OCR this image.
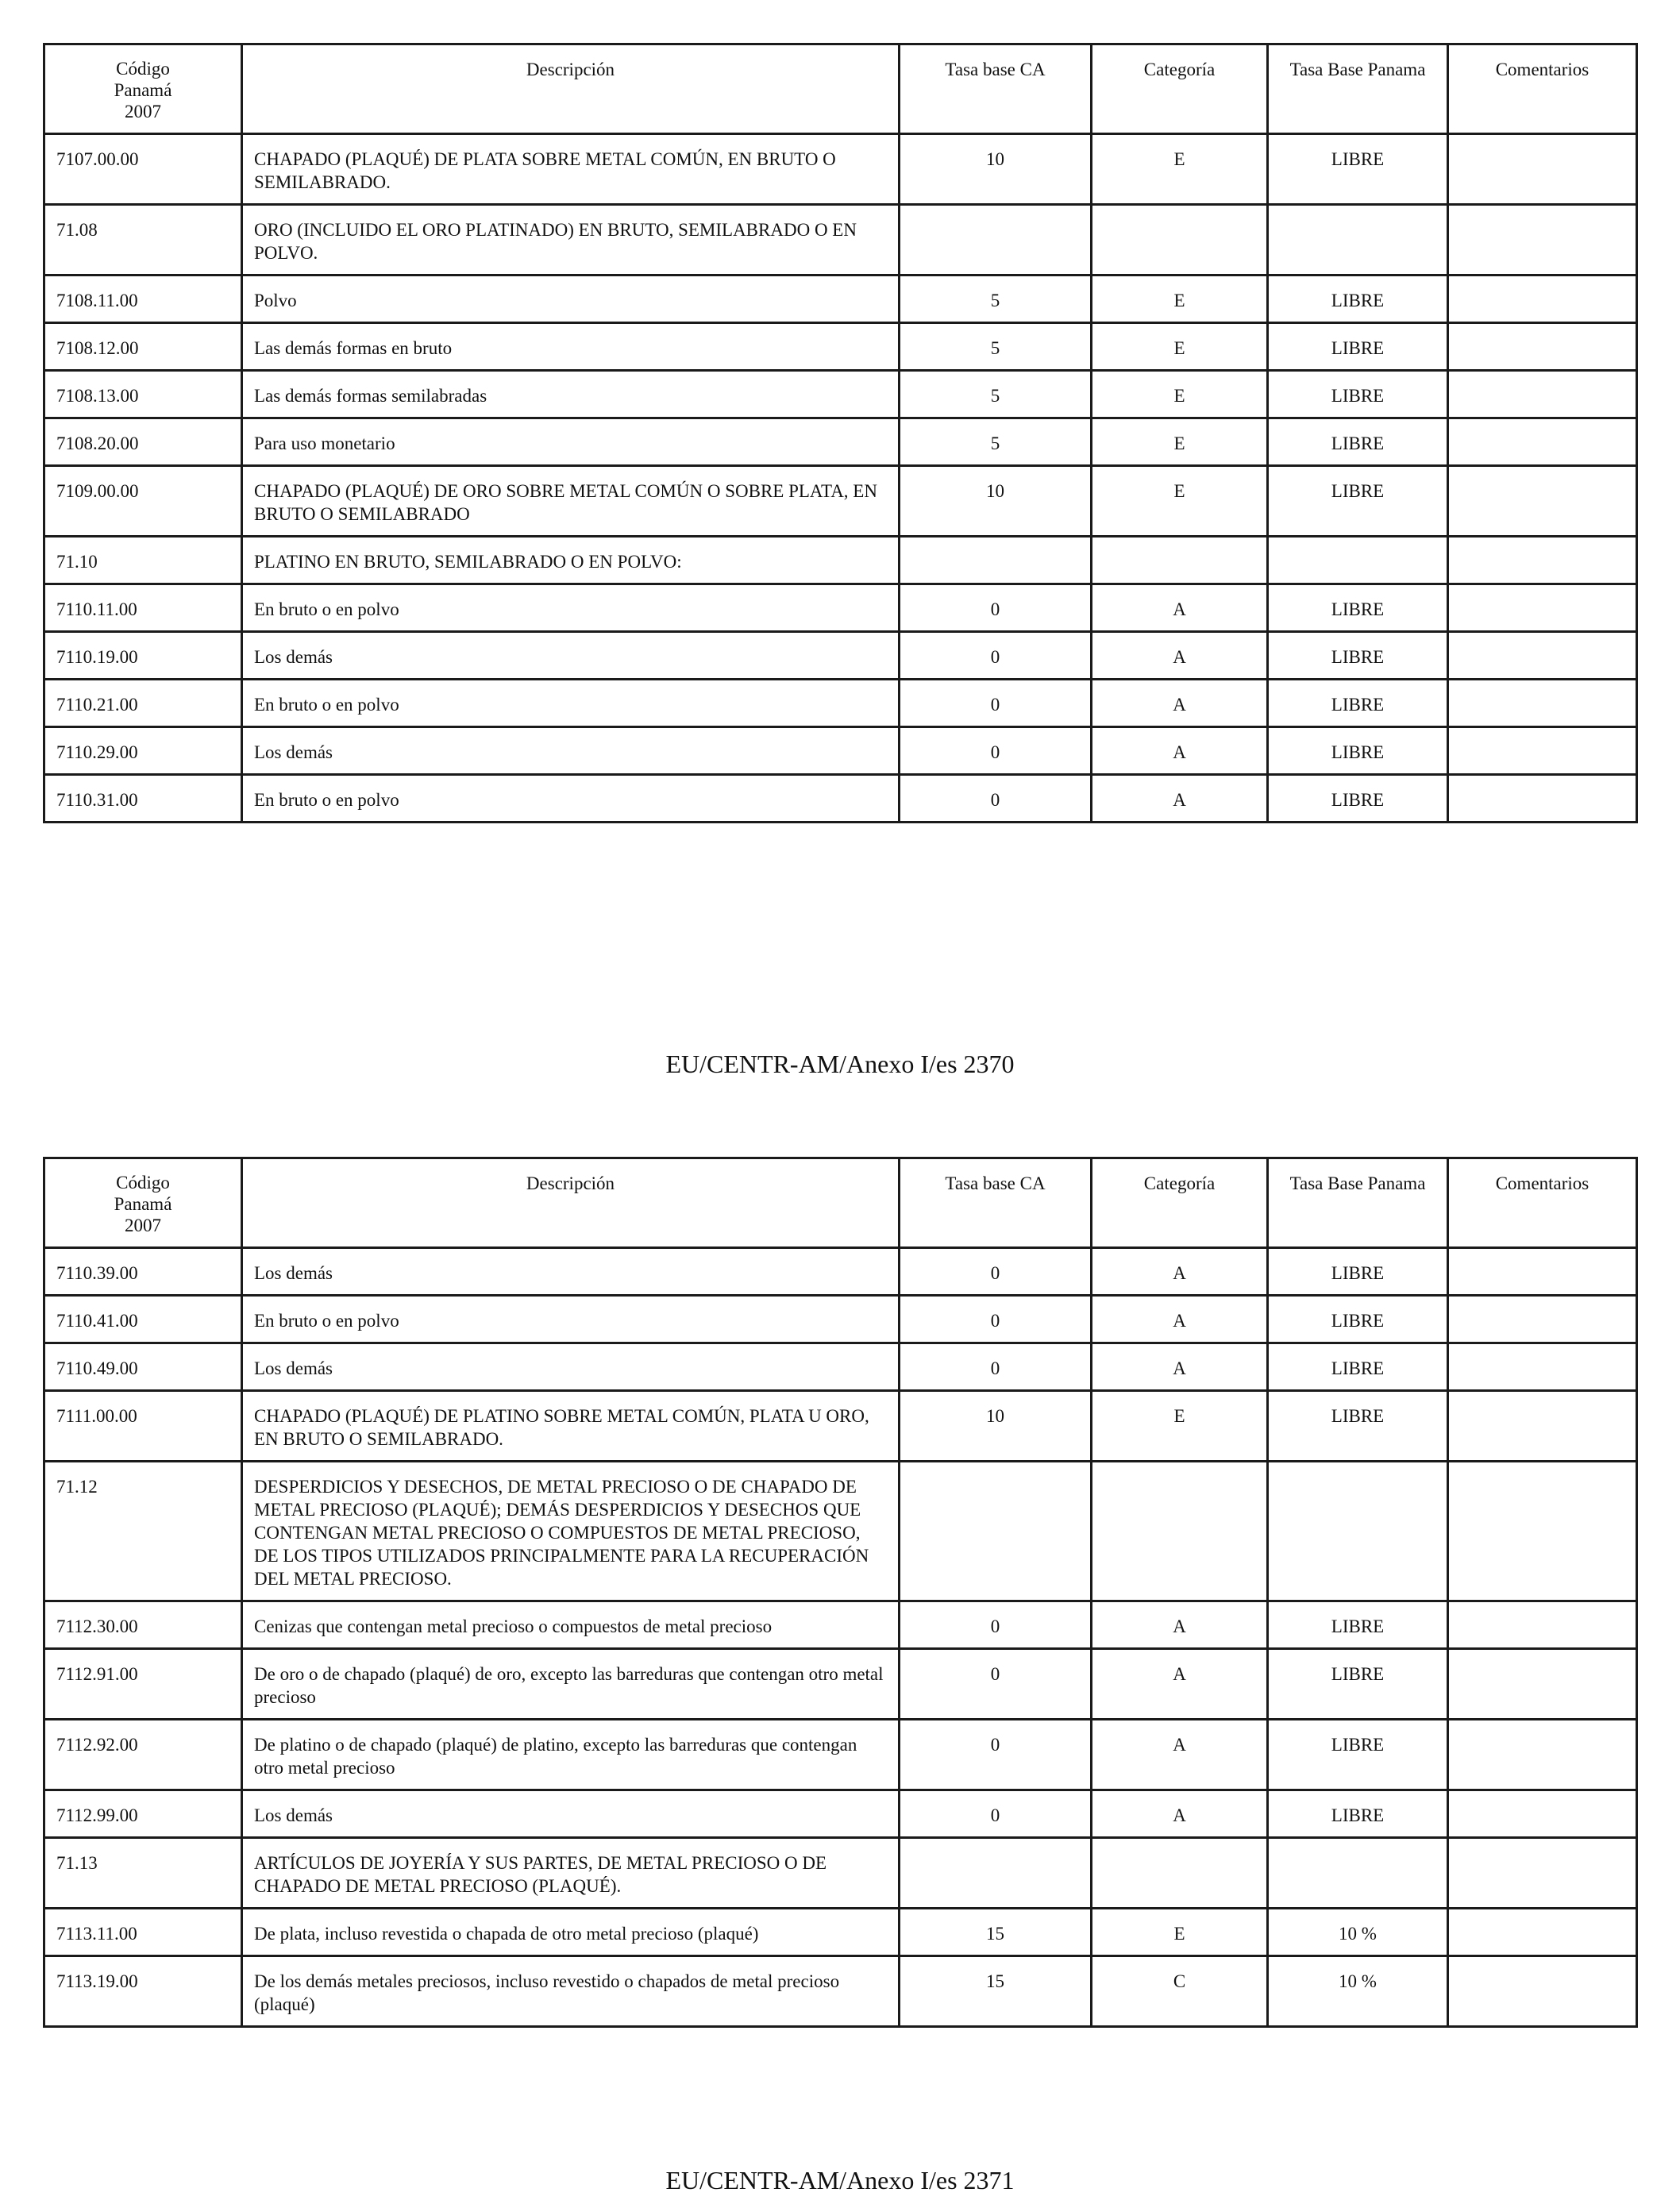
Código
Panamá
2007	Descripción	Tasa base CA	Categoría	Tasa Base Panama	Comentarios
7107.00.00	CHAPADO (PLAQUÉ) DE PLATA SOBRE METAL COMÚN, EN BRUTO O SEMILABRADO.	10	E	LIBRE	
71.08	ORO (INCLUIDO EL ORO PLATINADO) EN BRUTO, SEMILABRADO O EN POLVO.				
7108.11.00	Polvo	5	E	LIBRE	
7108.12.00	Las demás formas en bruto	5	E	LIBRE	
7108.13.00	Las demás formas semilabradas	5	E	LIBRE	
7108.20.00	Para uso monetario	5	E	LIBRE	
7109.00.00	CHAPADO (PLAQUÉ) DE ORO SOBRE METAL COMÚN O SOBRE PLATA, EN BRUTO O SEMILABRADO	10	E	LIBRE	
71.10	PLATINO EN BRUTO, SEMILABRADO O EN POLVO:				
7110.11.00	En bruto o en polvo	0	A	LIBRE	
7110.19.00	Los demás	0	A	LIBRE	
7110.21.00	En bruto o en polvo	0	A	LIBRE	
7110.29.00	Los demás	0	A	LIBRE	
7110.31.00	En bruto o en polvo	0	A	LIBRE	
EU/CENTR-AM/Anexo I/es 2370
Código
Panamá
2007	Descripción	Tasa base CA	Categoría	Tasa Base Panama	Comentarios
7110.39.00	Los demás	0	A	LIBRE	
7110.41.00	En bruto o en polvo	0	A	LIBRE	
7110.49.00	Los demás	0	A	LIBRE	
7111.00.00	CHAPADO (PLAQUÉ) DE PLATINO SOBRE METAL COMÚN, PLATA U ORO, EN BRUTO O SEMILABRADO.	10	E	LIBRE	
71.12	DESPERDICIOS Y DESECHOS, DE METAL PRECIOSO O DE CHAPADO DE METAL PRECIOSO (PLAQUÉ); DEMÁS DESPERDICIOS Y DESECHOS QUE CONTENGAN METAL PRECIOSO O COMPUESTOS DE METAL PRECIOSO, DE LOS TIPOS UTILIZADOS PRINCIPALMENTE PARA LA RECUPERACIÓN DEL METAL PRECIOSO.				
7112.30.00	Cenizas que contengan metal precioso o compuestos de metal precioso	0	A	LIBRE	
7112.91.00	De oro o de chapado (plaqué) de oro, excepto las barreduras que contengan otro metal precioso	0	A	LIBRE	
7112.92.00	De platino o de chapado (plaqué) de platino, excepto las barreduras que contengan otro metal precioso	0	A	LIBRE	
7112.99.00	Los demás	0	A	LIBRE	
71.13	ARTÍCULOS DE JOYERÍA Y SUS PARTES, DE METAL PRECIOSO O DE CHAPADO DE METAL PRECIOSO (PLAQUÉ).				
7113.11.00	De plata, incluso revestida o chapada de otro metal precioso (plaqué)	15	E	10 %	
7113.19.00	De los demás metales preciosos, incluso revestido o chapados de metal precioso (plaqué)	15	C	10 %	
EU/CENTR-AM/Anexo I/es 2371
